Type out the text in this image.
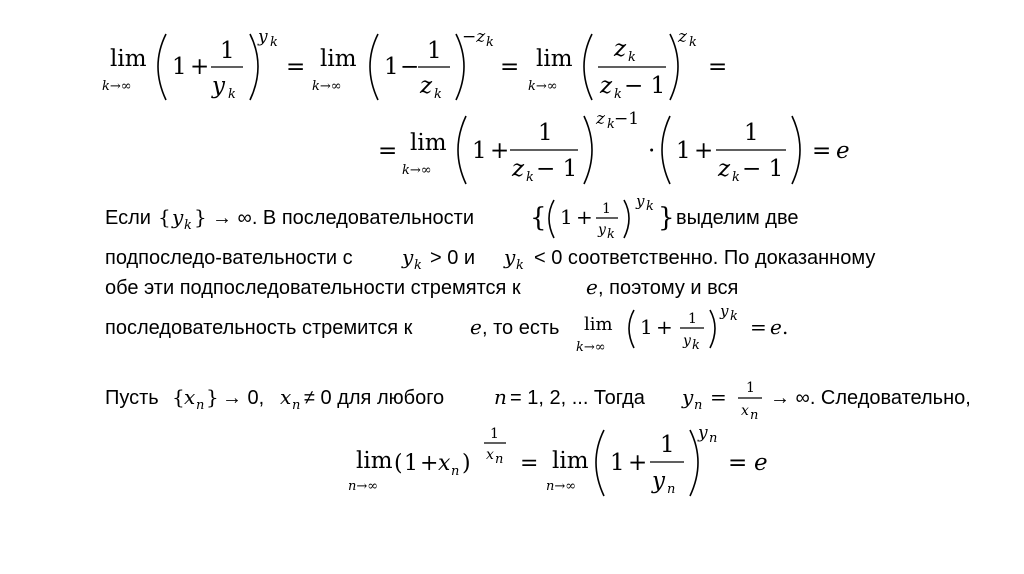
lim
k→∞
1 +
1
y k
y k
= lim
k→∞
1 −
1
z k
−z k
= lim
k→∞
z k
z k − 1
z k
=
= lim
k→∞
1 +
1
z k − 1
z k −1
· 1 +
1
z k − 1
= e
Если { y k } → ∞. В последовательности { 1 + 1
y k
y k } выделим две
подпоследо-вательности с y k > 0 и y k < 0 соответственно. По доказанному
обе эти подпоследовательности стремятся к	e , поэтому и вся
последовательность стремится к	e , то есть lim
k→∞
1 + 1
y k
y k = e .
Пусть { x n } → 0, x n ≠ 0 для любого n = 1, 2, ... Тогда y n = 1
x n
→ ∞. Следовательно,
lim
n→∞
( 1 + x n )
1
x n = lim
n→∞
1 +
1
y n
y n
= e
